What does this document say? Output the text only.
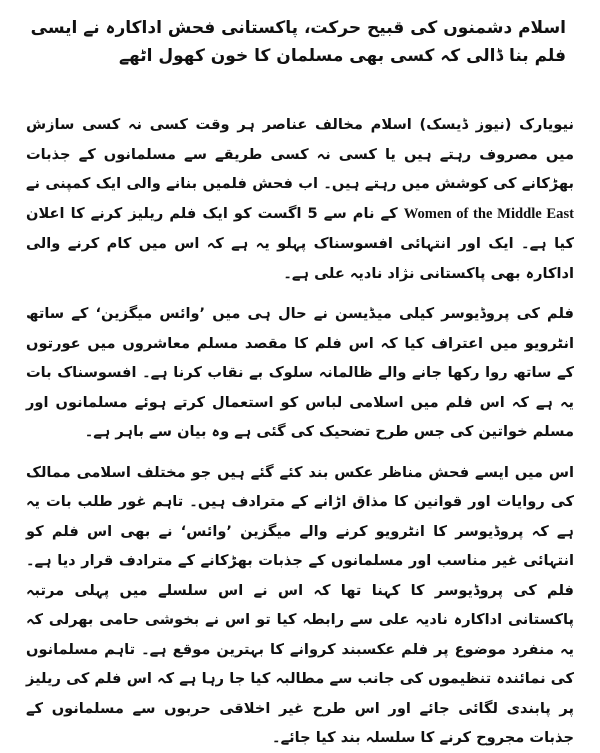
اسلام دشمنوں کی قبیح حرکت، پاکستانی فحش اداکارہ نے ایسی فلم بنا ڈالی کہ کسی بھی مسلمان کا خون کھول اٹھے

نیویارک (نیوز ڈیسک) اسلام مخالف عناصر ہر وقت کسی نہ کسی سازش میں مصروف رہتے ہیں یا کسی نہ کسی طریقے سے مسلمانوں کے جذبات بھڑکانے کی کوشش میں رہتے ہیں۔ اب فحش فلمیں بنانے والی ایک کمپنی نے Women of the Middle East کے نام سے 5 اگست کو ایک فلم ریلیز کرنے کا اعلان کیا ہے۔ ایک اور انتہائی افسوسناک پہلو یہ ہے کہ اس میں کام کرنے والی اداکارہ بھی پاکستانی نژاد نادیہ علی ہے۔

فلم کی پروڈیوسر کیلی میڈیسن نے حال ہی میں ’وائس میگزین‘ کے ساتھ انٹرویو میں اعتراف کیا کہ اس فلم کا مقصد مسلم معاشروں میں عورتوں کے ساتھ روا رکھا جانے والے ظالمانہ سلوک بے نقاب کرنا ہے۔ افسوسناک بات یہ ہے کہ اس فلم میں اسلامی لباس کو استعمال کرتے ہوئے مسلمانوں اور مسلم خواتین کی جس طرح تضحیک کی گئی ہے وہ بیان سے باہر ہے۔

اس میں ایسے فحش مناظر عکس بند کئے گئے ہیں جو مختلف اسلامی ممالک کی روایات اور قوانین کا مذاق اڑانے کے مترادف ہیں۔ تاہم غور طلب بات یہ ہے کہ پروڈیوسر کا انٹرویو کرنے والے میگزین ’وائس‘ نے بھی اس فلم کو انتہائی غیر مناسب اور مسلمانوں کے جذبات بھڑکانے کے مترادف قرار دیا ہے۔ فلم کی پروڈیوسر کا کہنا تھا کہ اس نے اس سلسلے میں پہلی مرتبہ پاکستانی اداکارہ نادیہ علی سے رابطہ کیا تو اس نے بخوشی حامی بھرلی کہ یہ منفرد موضوع پر فلم عکسبند کروانے کا بہترین موقع ہے۔ تاہم مسلمانوں کی نمائندہ تنظیموں کی جانب سے مطالبہ کیا جا رہا ہے کہ اس فلم کی ریلیز پر پابندی لگائی جائے اور اس طرح غیر اخلاقی حربوں سے مسلمانوں کے جذبات مجروح کرنے کا سلسلہ بند کیا جائے۔
